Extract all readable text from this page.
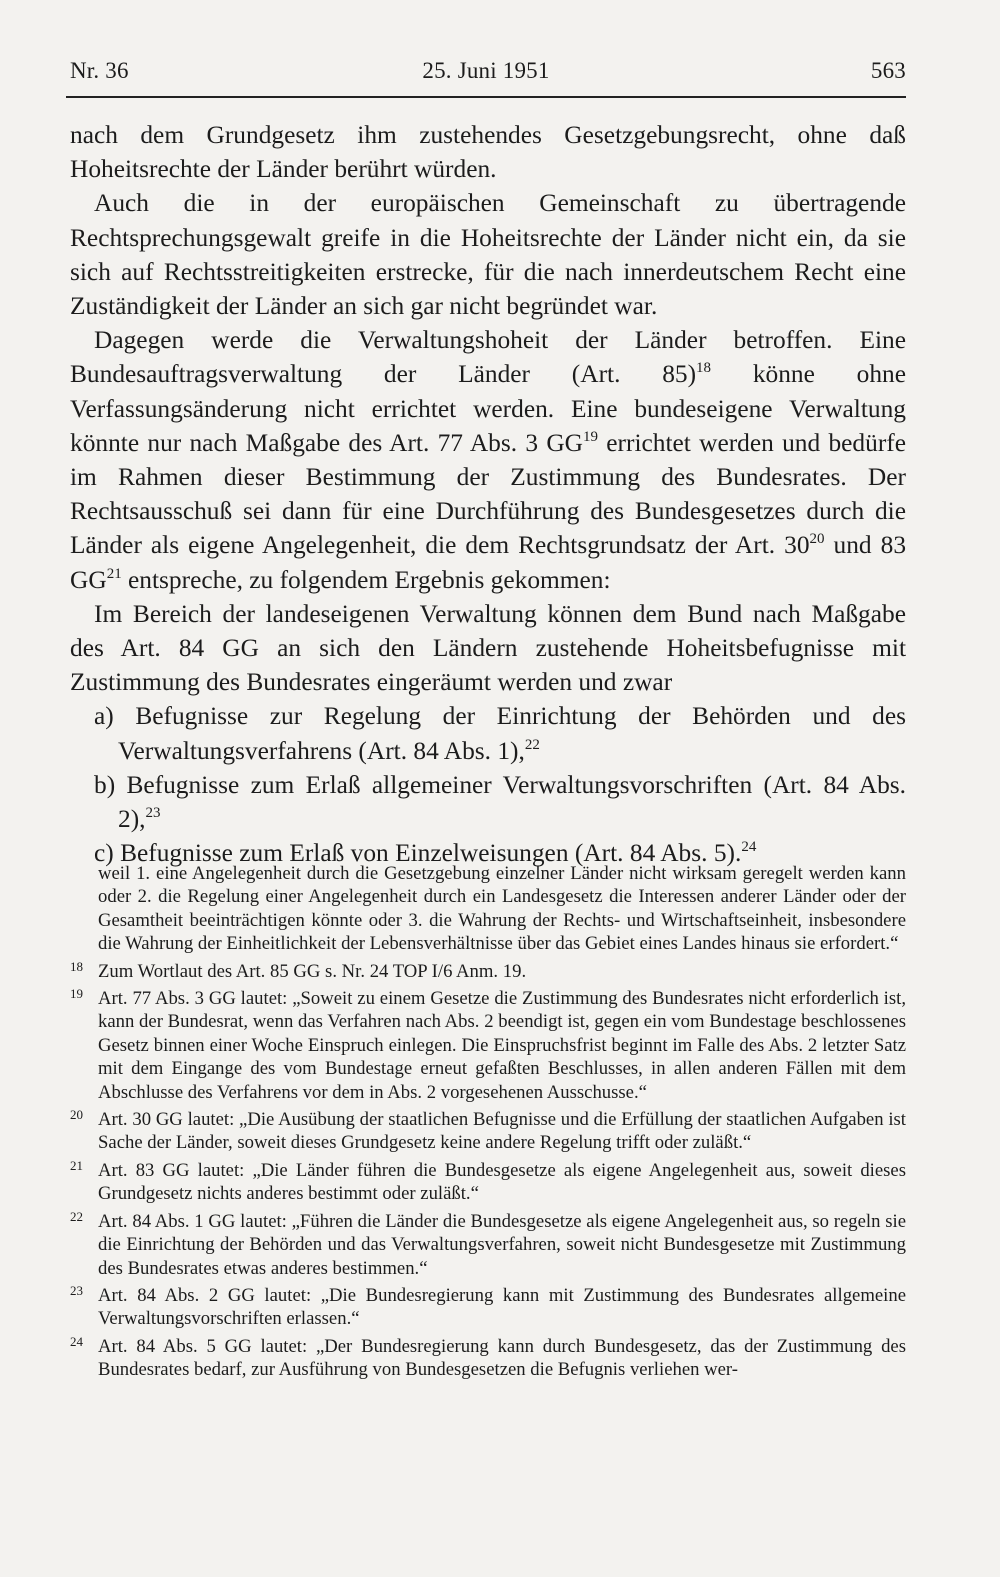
Nr. 36	25. Juni 1951	563

nach dem Grundgesetz ihm zustehendes Gesetzgebungsrecht, ohne daß Hoheitsrechte der Länder berührt würden.

Auch die in der europäischen Gemeinschaft zu übertragende Rechtsprechungsgewalt greife in die Hoheitsrechte der Länder nicht ein, da sie sich auf Rechtsstreitigkeiten erstrecke, für die nach innerdeutschem Recht eine Zuständigkeit der Länder an sich gar nicht begründet war.

Dagegen werde die Verwaltungshoheit der Länder betroffen. Eine Bundesauftragsverwaltung der Länder (Art. 85)$^{18}$ könne ohne Verfassungsänderung nicht errichtet werden. Eine bundeseigene Verwaltung könnte nur nach Maßgabe des Art. 77 Abs. 3 GG$^{19}$ errichtet werden und bedürfe im Rahmen dieser Bestimmung der Zustimmung des Bundesrates. Der Rechtsausschuß sei dann für eine Durchführung des Bundesgesetzes durch die Länder als eigene Angelegenheit, die dem Rechtsgrundsatz der Art. $30^{20}$ und 83 GG$^{21}$ entspreche, zu folgendem Ergebnis gekommen:

Im Bereich der landeseigenen Verwaltung können dem Bund nach Maßgabe des Art. 84 GG an sich den Ländern zustehende Hoheitsbefugnisse mit Zustimmung des Bundesrates eingeräumt werden und zwar

a) Befugnisse zur Regelung der Einrichtung der Behörden und des Verwaltungsverfahrens (Art. 84 Abs. 1),$^{22}$

b) Befugnisse zum Erlaß allgemeiner Verwaltungsvorschriften (Art. 84 Abs. 2),$^{23}$

c) Befugnisse zum Erlaß von Einzelweisungen (Art. 84 Abs. 5).$^{24}$

weil 1. eine Angelegenheit durch die Gesetzgebung einzelner Länder nicht wirksam geregelt werden kann oder 2. die Regelung einer Angelegenheit durch ein Landesgesetz die Interessen anderer Länder oder der Gesamtheit beeinträchtigen könnte oder 3. die Wahrung der Rechts- und Wirtschaftseinheit, insbesondere die Wahrung der Einheitlichkeit der Lebensverhältnisse über das Gebiet eines Landes hinaus sie erfordert.“
18 Zum Wortlaut des Art. 85 GG s. Nr. 24 TOP I/6 Anm. 19.
19 Art. 77 Abs. 3 GG lautet: „Soweit zu einem Gesetze die Zustimmung des Bundesrates nicht erforderlich ist, kann der Bundesrat, wenn das Verfahren nach Abs. 2 beendigt ist, gegen ein vom Bundestage beschlossenes Gesetz binnen einer Woche Einspruch einlegen. Die Einspruchsfrist beginnt im Falle des Abs. 2 letzter Satz mit dem Eingange des vom Bundestage erneut gefaßten Beschlusses, in allen anderen Fällen mit dem Abschlusse des Verfahrens vor dem in Abs. 2 vorgesehenen Ausschusse.“
20 Art. 30 GG lautet: „Die Ausübung der staatlichen Befugnisse und die Erfüllung der staatlichen Aufgaben ist Sache der Länder, soweit dieses Grundgesetz keine andere Regelung trifft oder zuläßt.“
21 Art. 83 GG lautet: „Die Länder führen die Bundesgesetze als eigene Angelegenheit aus, soweit dieses Grundgesetz nichts anderes bestimmt oder zuläßt.“
22 Art. 84 Abs. 1 GG lautet: „Führen die Länder die Bundesgesetze als eigene Angelegenheit aus, so regeln sie die Einrichtung der Behörden und das Verwaltungsverfahren, soweit nicht Bundesgesetze mit Zustimmung des Bundesrates etwas anderes bestimmen.“
23 Art. 84 Abs. 2 GG lautet: „Die Bundesregierung kann mit Zustimmung des Bundesrates allgemeine Verwaltungsvorschriften erlassen.“
24 Art. 84 Abs. 5 GG lautet: „Der Bundesregierung kann durch Bundesgesetz, das der Zustimmung des Bundesrates bedarf, zur Ausführung von Bundesgesetzen die Befugnis verliehen wer-
